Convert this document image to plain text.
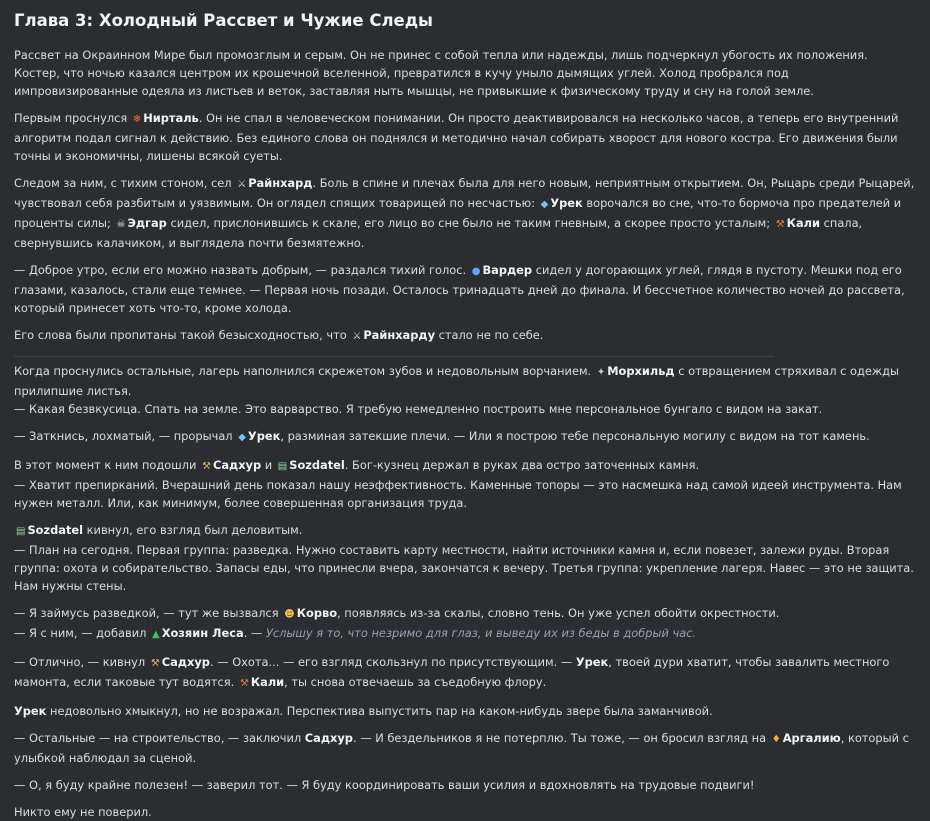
Глава 3: Холодный Рассвет и Чужие Следы

Рассвет на Окраинном Мире был промозглым и серым. Он не принес с собой тепла или надежды, лишь подчеркнул убогость их положения. Костер, что ночью казался центром их крошечной вселенной, превратился в кучу уныло дымящих углей. Холод пробрался под импровизированные одеяла из листьев и веток, заставляя ныть мышцы, не привыкшие к физическому труду и сну на голой земле.

Первым проснулся ❄ Нирталь. Он не спал в человеческом понимании. Он просто деактивировался на несколько часов, а теперь его внутренний алгоритм подал сигнал к действию. Без единого слова он поднялся и методично начал собирать хворост для нового костра. Его движения были точны и экономичны, лишены всякой суеты.

Следом за ним, с тихим стоном, сел ⚔ Райнхард. Боль в спине и плечах была для него новым, неприятным открытием. Он, Рыцарь среди Рыцарей, чувствовал себя разбитым и уязвимым. Он оглядел спящих товарищей по несчастью: ◆ Урек ворочался во сне, что-то бормоча про предателей и проценты силы; ☠ Эдгар сидел, прислонившись к скале, его лицо во сне было не таким гневным, а скорее просто усталым; ⚒ Кали спала, свернувшись калачиком, и выглядела почти безмятежно.

— Доброе утро, если его можно назвать добрым, — раздался тихий голос. ● Вардер сидел у догорающих углей, глядя в пустоту. Мешки под его глазами, казалось, стали еще темнее. — Первая ночь позади. Осталось тринадцать дней до финала. И бессчетное количество ночей до рассвета, который принесет хоть что-то, кроме холода.

Его слова были пропитаны такой безысходностью, что ⚔ Райнхарду стало не по себе.

Когда проснулись остальные, лагерь наполнился скрежетом зубов и недовольным ворчанием. ✦ Морхильд с отвращением стряхивал с одежды прилипшие листья.
— Какая безвкусица. Спать на земле. Это варварство. Я требую немедленно построить мне персональное бунгало с видом на закат.

— Заткнись, лохматый, — прорычал ◆ Урек, разминая затекшие плечи. — Или я построю тебе персональную могилу с видом на тот камень.

В этот момент к ним подошли ⚒ Садхур и ▤ Sozdatel. Бог-кузнец держал в руках два остро заточенных камня.
— Хватит препирканий. Вчерашний день показал нашу неэффективность. Каменные топоры — это насмешка над самой идеей инструмента. Нам нужен металл. Или, как минимум, более совершенная организация труда.

▤ Sozdatel кивнул, его взгляд был деловитым.
— План на сегодня. Первая группа: разведка. Нужно составить карту местности, найти источники камня и, если повезет, залежи руды. Вторая группа: охота и собирательство. Запасы еды, что принесли вчера, закончатся к вечеру. Третья группа: укрепление лагеря. Навес — это не защита. Нам нужны стены.

— Я займусь разведкой, — тут же вызвался ☻ Корво, появляясь из-за скалы, словно тень. Он уже успел обойти окрестности.
— Я с ним, — добавил ▲ Хозяин Леса. — Услышу я то, что незримо для глаз, и выведу их из беды в добрый час.

— Отлично, — кивнул ⚒ Садхур. — Охота... — его взгляд скользнул по присутствующим. — Урек, твоей дури хватит, чтобы завалить местного мамонта, если таковые тут водятся. ⚒ Кали, ты снова отвечаешь за съедобную флору.

Урек недовольно хмыкнул, но не возражал. Перспектива выпустить пар на каком-нибудь звере была заманчивой.

— Остальные — на строительство, — заключил Садхур. — И бездельников я не потерплю. Ты тоже, — он бросил взгляд на ♦ Аргалию, который с улыбкой наблюдал за сценой.

— О, я буду крайне полезен! — заверил тот. — Я буду координировать ваши усилия и вдохновлять на трудовые подвиги!

Никто ему не поверил.
